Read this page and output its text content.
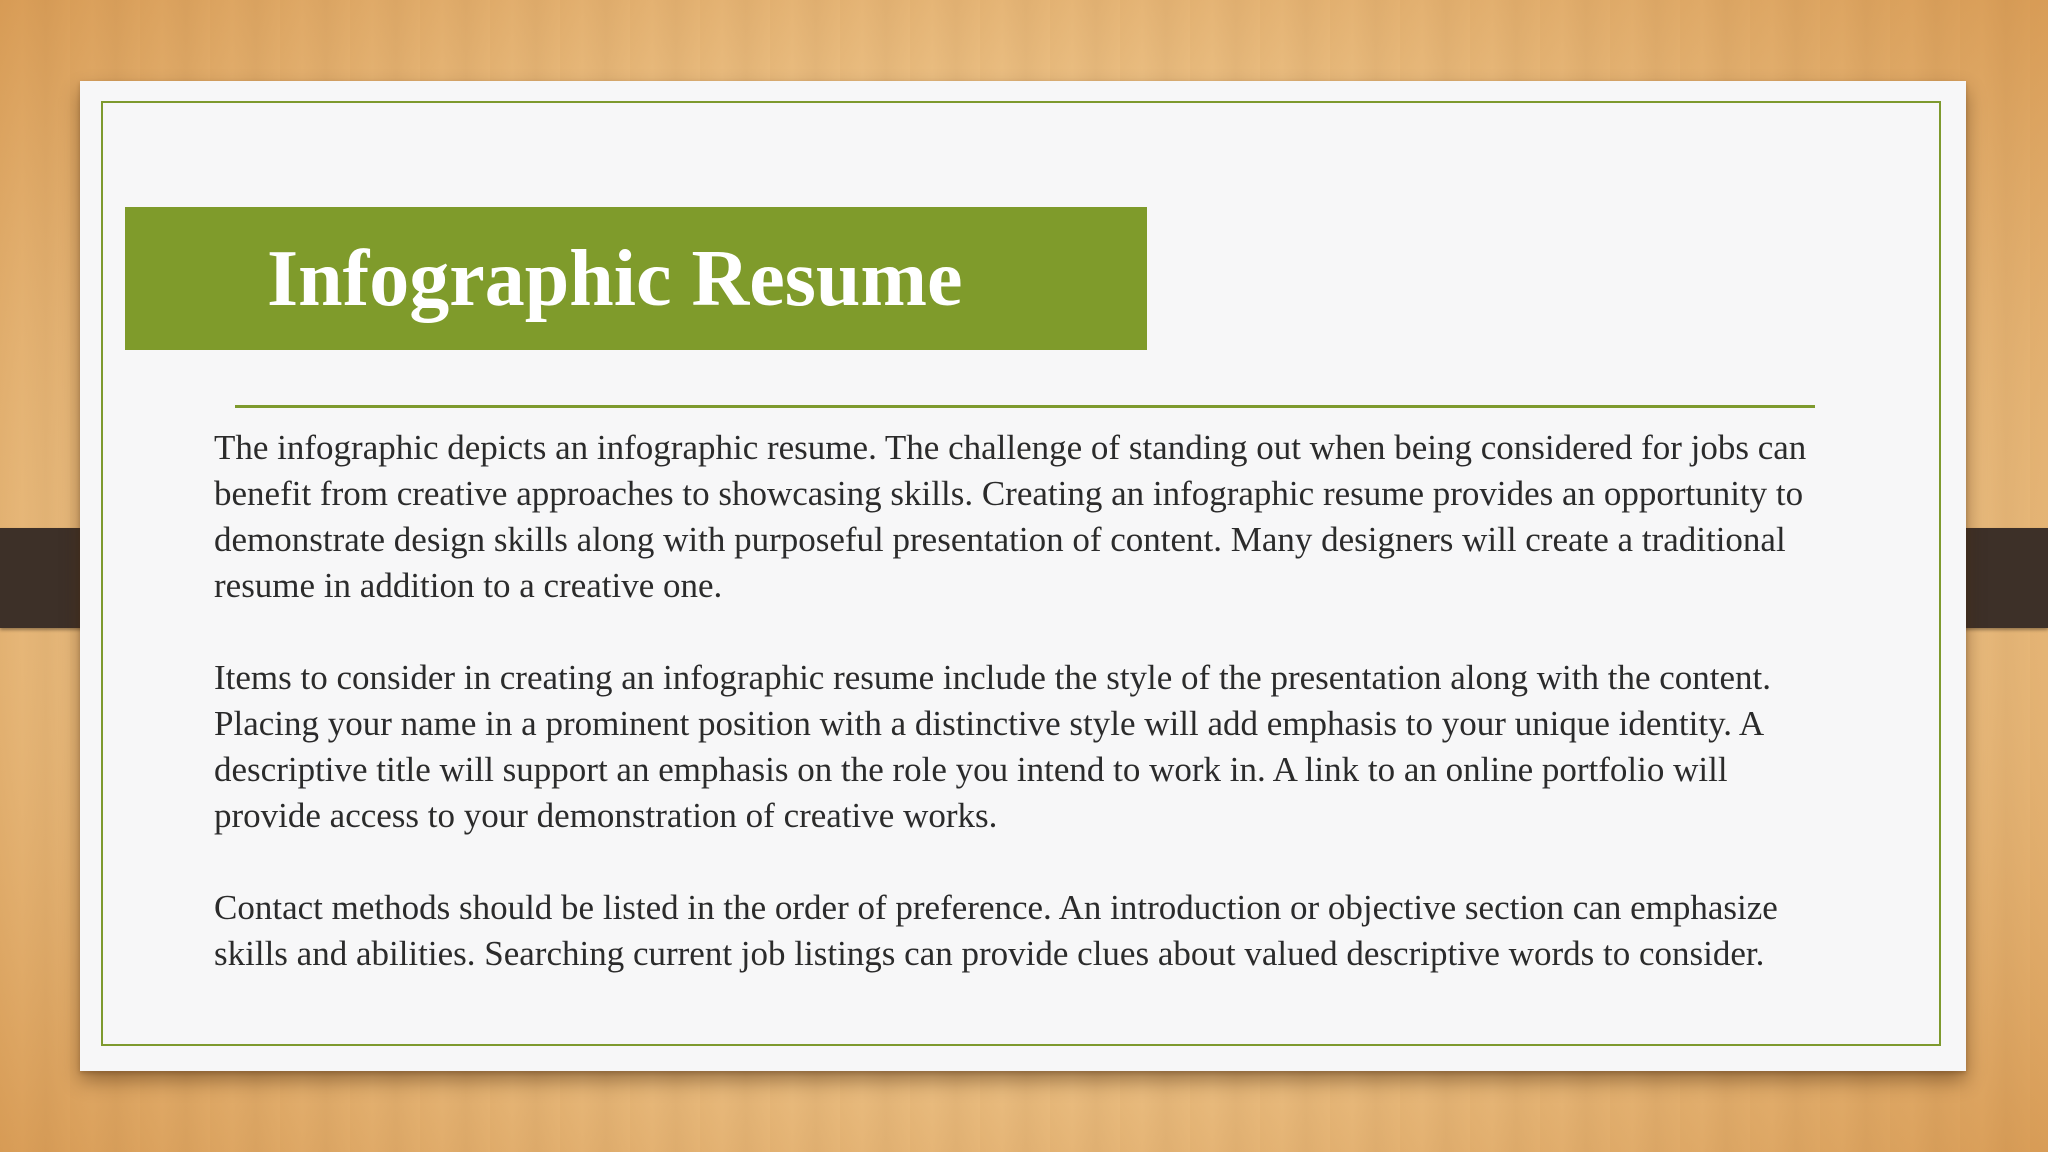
Infographic Resume

The infographic depicts an infographic resume. The challenge of standing out when being considered for jobs can benefit from creative approaches to showcasing skills. Creating an infographic resume provides an opportunity to demonstrate design skills along with purposeful presentation of content. Many designers will create a traditional resume in addition to a creative one.

Items to consider in creating an infographic resume include the style of the presentation along with the content. Placing your name in a prominent position with a distinctive style will add emphasis to your unique identity. A descriptive title will support an emphasis on the role you intend to work in. A link to an online portfolio will provide access to your demonstration of creative works.

Contact methods should be listed in the order of preference. An introduction or objective section can emphasize skills and abilities. Searching current job listings can provide clues about valued descriptive words to consider.
